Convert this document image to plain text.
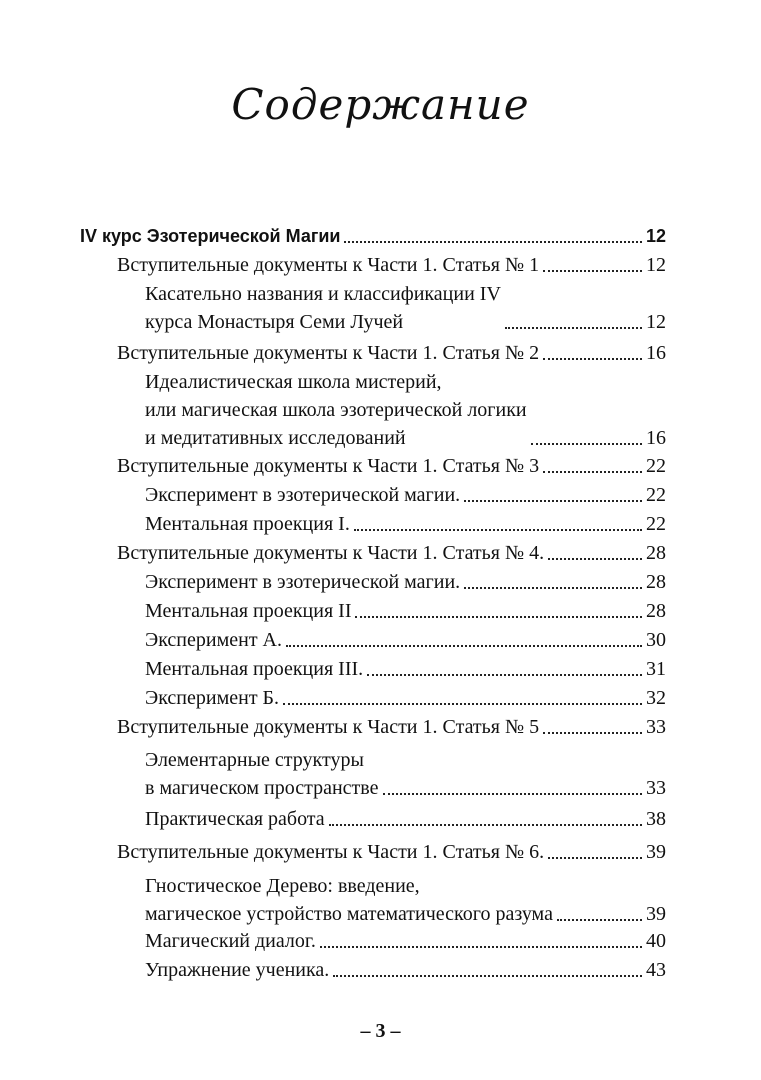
Содержание
IV курс Эзотерической Магии	12
Вступительные документы к Части 1. Статья № 1	12
Касательно названия и классификации IV
курса Монастыря Семи Лучей	12
Вступительные документы к Части 1. Статья № 2	16
Идеалистическая школа мистерий,
или магическая школа эзотерической логики
и медитативных исследований	16
Вступительные документы к Части 1. Статья № 3	22
Эксперимент в эзотерической магии.	22
Ментальная проекция I.	22
Вступительные документы к Части 1. Статья № 4.	28
Эксперимент в эзотерической магии.	28
Ментальная проекция II	28
Эксперимент А.	30
Ментальная проекция III.	31
Эксперимент Б.	32
Вступительные документы к Части 1. Статья № 5	33
Элементарные структуры
в магическом пространстве	33
Практическая работа	38
Вступительные документы к Части 1. Статья № 6.	39
Гностическое Дерево: введение,
магическое устройство математического разума	39
Магический диалог.	40
Упражнение ученика.	43
– 3 –
